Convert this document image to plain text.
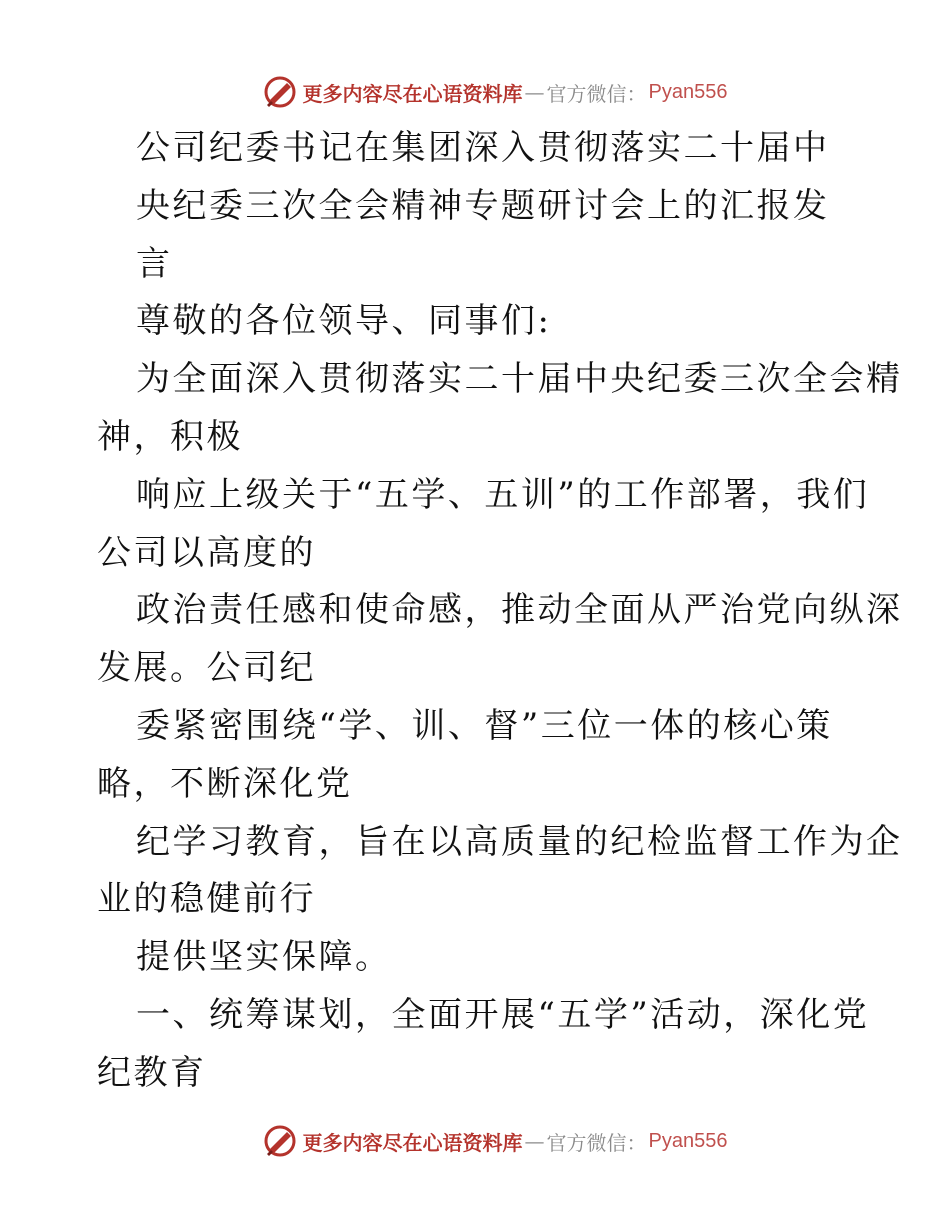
更多内容尽在心语资料库 — 官方微信： Pyan556
公司纪委书记在集团深入贯彻落实二十届中
央纪委三次全会精神专题研讨会上的汇报发
言
尊敬的各位领导、同事们:
为全面深入贯彻落实二十届中央纪委三次全会精
神，积极
响应上级关于“五学、五训”的工作部署，我们
公司以高度的
政治责任感和使命感，推动全面从严治党向纵深
发展。公司纪
委紧密围绕“学、训、督”三位一体的核心策
略，不断深化党
纪学习教育，旨在以高质量的纪检监督工作为企
业的稳健前行
提供坚实保障。
一、统筹谋划，全面开展“五学”活动，深化党
纪教育
更多内容尽在心语资料库 — 官方微信： Pyan556
